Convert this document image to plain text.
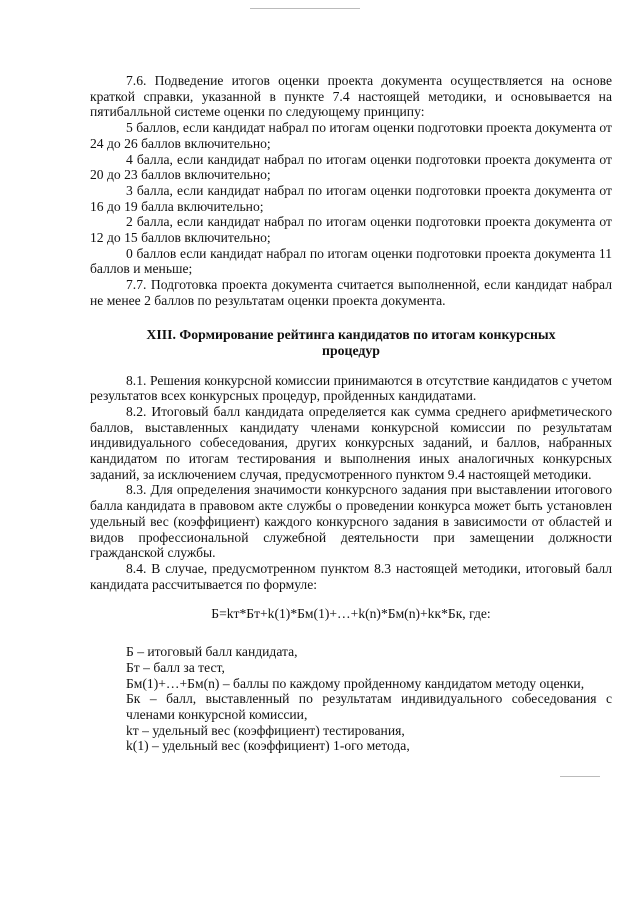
7.6. Подведение итогов оценки проекта документа осуществляется на основе краткой справки, указанной в пункте 7.4 настоящей методики, и основывается на пятибалльной системе оценки по следующему принципу:

5 баллов, если кандидат набрал по итогам оценки подготовки проекта документа от 24 до 26 баллов включительно;

4 балла, если кандидат набрал по итогам оценки подготовки проекта документа от 20 до 23 баллов включительно;

3 балла, если кандидат набрал по итогам оценки подготовки проекта документа от 16 до 19 балла включительно;

2 балла, если кандидат набрал по итогам оценки подготовки проекта документа от 12 до 15 баллов включительно;

0 баллов если кандидат набрал по итогам оценки подготовки проекта документа 11 баллов и меньше;

7.7. Подготовка проекта документа считается выполненной, если кандидат набрал не менее 2 баллов по результатам оценки проекта документа.

XIII. Формирование рейтинга кандидатов по итогам конкурсных процедур

8.1. Решения конкурсной комиссии принимаются в отсутствие кандидатов с учетом результатов всех конкурсных процедур, пройденных кандидатами.

8.2. Итоговый балл кандидата определяется как сумма среднего арифметического баллов, выставленных кандидату членами конкурсной комиссии по результатам индивидуального собеседования, других конкурсных заданий, и баллов, набранных кандидатом по итогам тестирования и выполнения иных аналогичных конкурсных заданий, за исключением случая, предусмотренного пунктом 9.4 настоящей методики.

8.3. Для определения значимости конкурсного задания при выставлении итогового балла кандидата в правовом акте службы о проведении конкурса может быть установлен удельный вес (коэффициент) каждого конкурсного задания в зависимости от областей и видов профессиональной служебной деятельности при замещении должности гражданской службы.

8.4. В случае, предусмотренном пунктом 8.3 настоящей методики, итоговый балл кандидата рассчитывается по формуле:

Б=kт*Бт+k(1)*Бм(1)+…+k(n)*Бм(n)+kк*Бк, где:

Б – итоговый балл кандидата,

Бт – балл за тест,

Бм(1)+…+Бм(n) – баллы по каждому пройденному кандидатом методу оценки,

Бк – балл, выставленный по результатам индивидуального собеседования с членами конкурсной комиссии,

kт – удельный вес (коэффициент) тестирования,

k(1) – удельный вес (коэффициент) 1-ого метода,
